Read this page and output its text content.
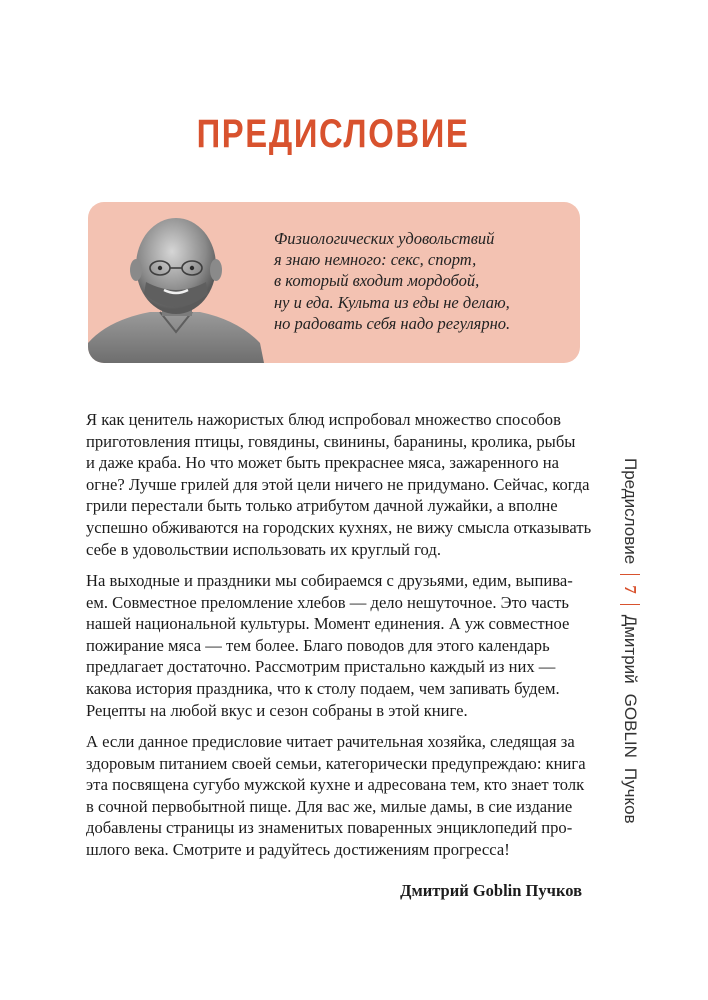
ПРЕДИСЛОВИЕ
Физиологических удовольствий
я знаю немного: секс, спорт,
в который входит мордобой,
ну и еда. Культа из еды не делаю,
но радовать себя надо регулярно.
Я как ценитель нажористых блюд испробовал множество способов
приготовления птицы, говядины, свинины, баранины, кролика, рыбы
и даже краба. Но что может быть прекраснее мяса, зажаренного на
огне? Лучше грилей для этой цели ничего не придумано. Сейчас, когда
грили перестали быть только атрибутом дачной лужайки, а вполне
успешно обживаются на городских кухнях, не вижу смысла отказывать
себе в удовольствии использовать их круглый год.
На выходные и праздники мы собираемся с друзьями, едим, выпива-
ем. Совместное преломление хлебов — дело нешуточное. Это часть
нашей национальной культуры. Момент единения. А уж совместное
пожирание мяса — тем более. Благо поводов для этого календарь
предлагает достаточно. Рассмотрим пристально каждый из них —
какова история праздника, что к столу подаем, чем запивать будем.
Рецепты на любой вкус и сезон собраны в этой книге.
А если данное предисловие читает рачительная хозяйка, следящая за
здоровым питанием своей семьи, категорически предупреждаю: книга
эта посвящена сугубо мужской кухне и адресована тем, кто знает толк
в сочной первобытной пище. Для вас же, милые дамы, в сие издание
добавлены страницы из знаменитых поваренных энциклопедий про-
шлого века. Смотрите и радуйтесь достижениям прогресса!
Дмитрий Goblin Пучков
Предисловие
7
Дмитрий
GOBLIN
Пучков
